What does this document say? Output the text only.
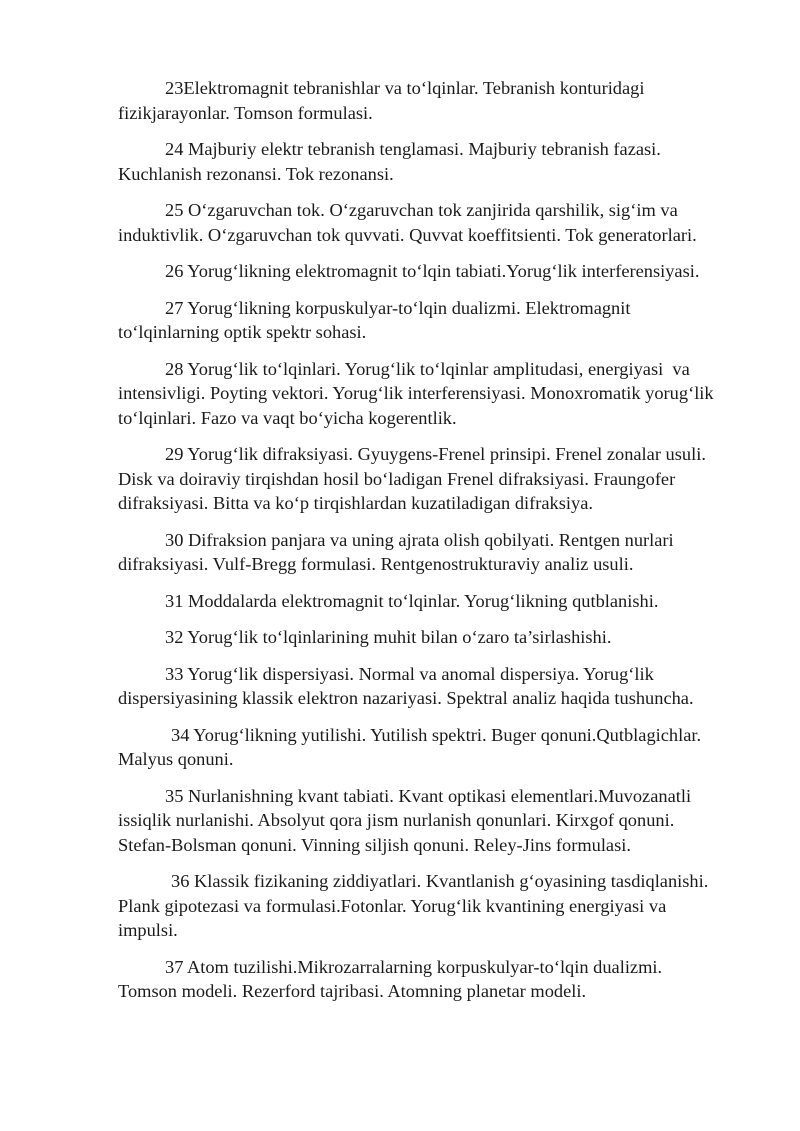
23Elektromagnit tebranishlar va to‘lqinlar. Tebranish konturidagi
fizikjarayonlar. Tomson formulasi.

24 Majburiy elektr tebranish tenglamasi. Majburiy tebranish fazasi.
Kuchlanish rezonansi. Tok rezonansi.

25 O‘zgaruvchan tok. O‘zgaruvchan tok zanjirida qarshilik, sig‘im va
induktivlik. O‘zgaruvchan tok quvvati. Quvvat koeffitsienti. Tok generatorlari.

26 Yorug‘likning elektromagnit to‘lqin tabiati.Yorug‘lik interferensiyasi.

27 Yorug‘likning korpuskulyar-to‘lqin dualizmi. Elektromagnit
to‘lqinlarning optik spektr sohasi.

28 Yorug‘lik to‘lqinlari. Yorug‘lik to‘lqinlar amplitudasi, energiyasi  va
intensivligi. Poyting vektori. Yorug‘lik interferensiyasi. Monoxromatik yorug‘lik
to‘lqinlari. Fazo va vaqt bo‘yicha kogerentlik.

29 Yorug‘lik difraksiyasi. Gyuygens-Frenel prinsipi. Frenel zonalar usuli.
Disk va doiraviy tirqishdan hosil bo‘ladigan Frenel difraksiyasi. Fraungofer
difraksiyasi. Bitta va ko‘p tirqishlardan kuzatiladigan difraksiya.

30 Difraksion panjara va uning ajrata olish qobilyati. Rentgen nurlari
difraksiyasi. Vulf-Bregg formulasi. Rentgenostrukturaviy analiz usuli.

31 Moddalarda elektromagnit to‘lqinlar. Yorug‘likning qutblanishi.

32 Yorug‘lik to‘lqinlarining muhit bilan o‘zaro ta’sirlashishi.

33 Yorug‘lik dispersiyasi. Normal va anomal dispersiya. Yorug‘lik
dispersiyasining klassik elektron nazariyasi. Spektral analiz haqida tushuncha.

34 Yorug‘likning yutilishi. Yutilish spektri. Buger qonuni.Qutblagichlar.
Malyus qonuni.

35 Nurlanishning kvant tabiati. Kvant optikasi elementlari.Muvozanatli
issiqlik nurlanishi. Absolyut qora jism nurlanish qonunlari. Kirxgof qonuni.
Stefan-Bolsman qonuni. Vinning siljish qonuni. Reley-Jins formulasi.

36 Klassik fizikaning ziddiyatlari. Kvantlanish g‘oyasining tasdiqlanishi.
Plank gipotezasi va formulasi.Fotonlar. Yorug‘lik kvantining energiyasi va
impulsi.

37 Atom tuzilishi.Mikrozarralarning korpuskulyar-to‘lqin dualizmi.
Tomson modeli. Rezerford tajribasi. Atomning planetar modeli.
